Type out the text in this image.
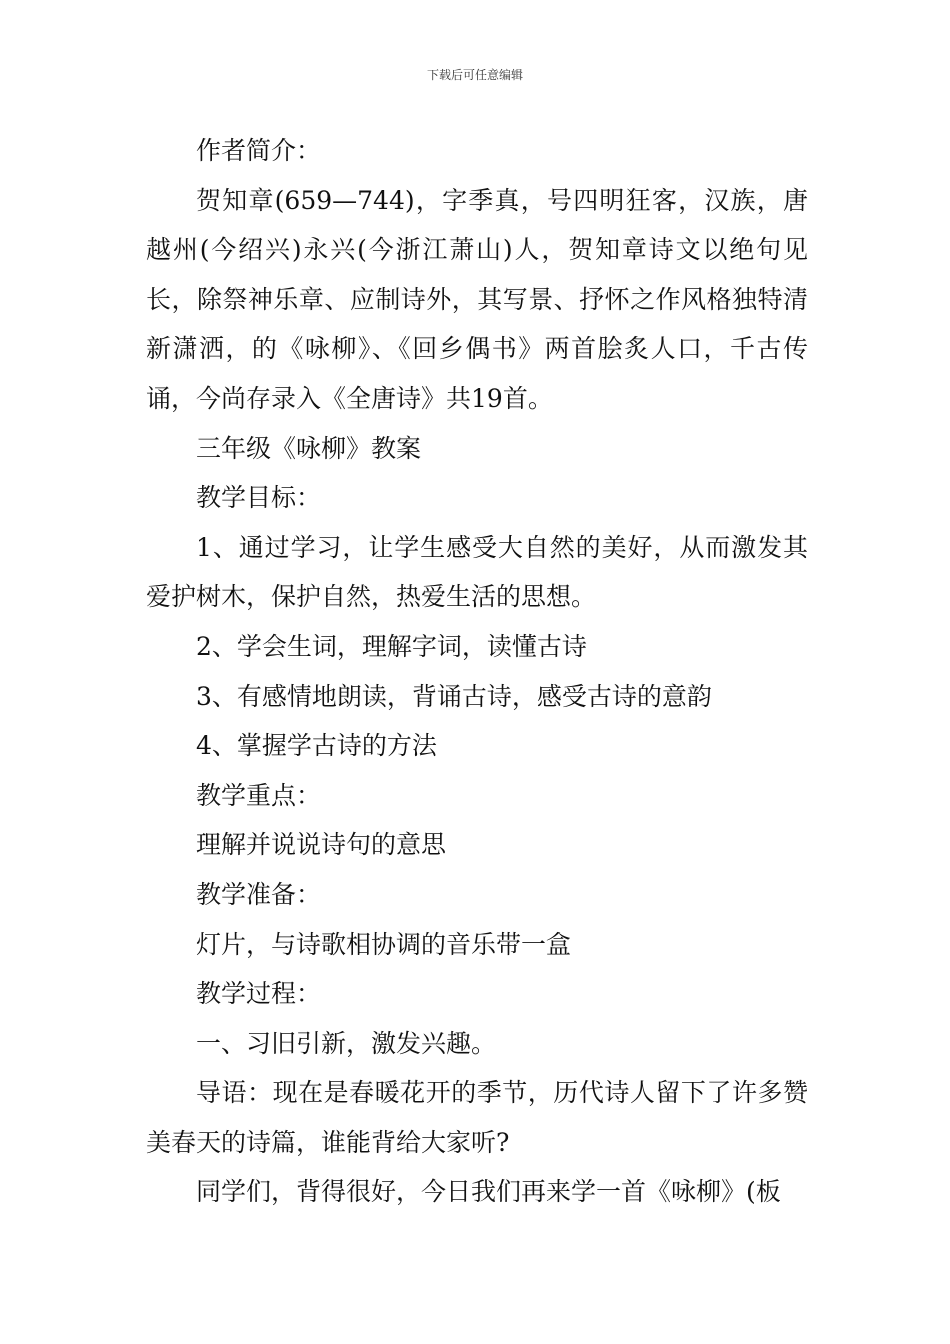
下载后可任意编辑

作者简介：

贺知章(659—744)，字季真，号四明狂客，汉族，唐越州(今绍兴)永兴(今浙江萧山)人，贺知章诗文以绝句见长，除祭神乐章、应制诗外，其写景、抒怀之作风格独特清新潇洒，的《咏柳》、《回乡偶书》两首脍炙人口，千古传诵，今尚存录入《全唐诗》共19首。

三年级《咏柳》教案

教学目标：

1、通过学习，让学生感受大自然的美好，从而激发其爱护树木，保护自然，热爱生活的思想。

2、学会生词，理解字词，读懂古诗

3、有感情地朗读，背诵古诗，感受古诗的意韵

4、掌握学古诗的方法

教学重点：

理解并说说诗句的意思

教学准备：

灯片，与诗歌相协调的音乐带一盒

教学过程：

一、习旧引新，激发兴趣。

导语：现在是春暖花开的季节，历代诗人留下了许多赞美春天的诗篇，谁能背给大家听?

同学们，背得很好，今日我们再来学一首《咏柳》(板
